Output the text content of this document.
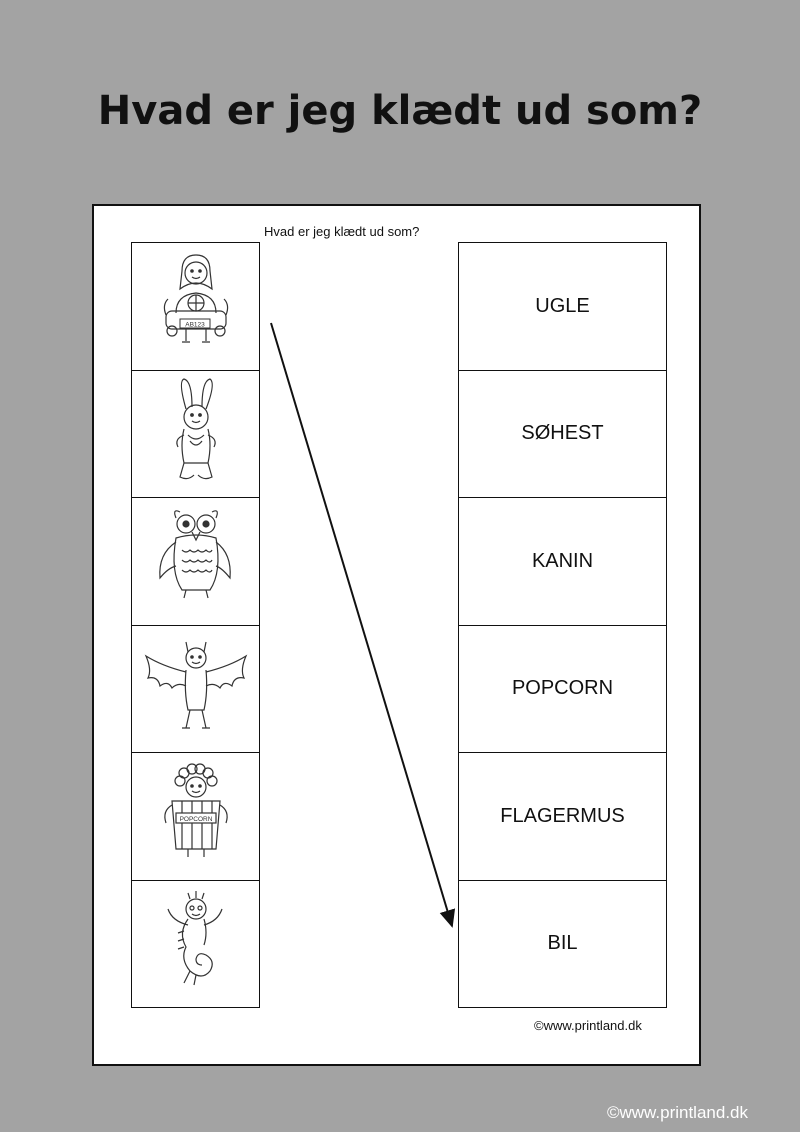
Hvad er jeg klædt ud som?
Hvad er jeg klædt ud som?
AB123
POPCORN
UGLE
SØHEST
KANIN
POPCORN
FLAGERMUS
BIL
©www.printland.dk
©www.printland.dk
